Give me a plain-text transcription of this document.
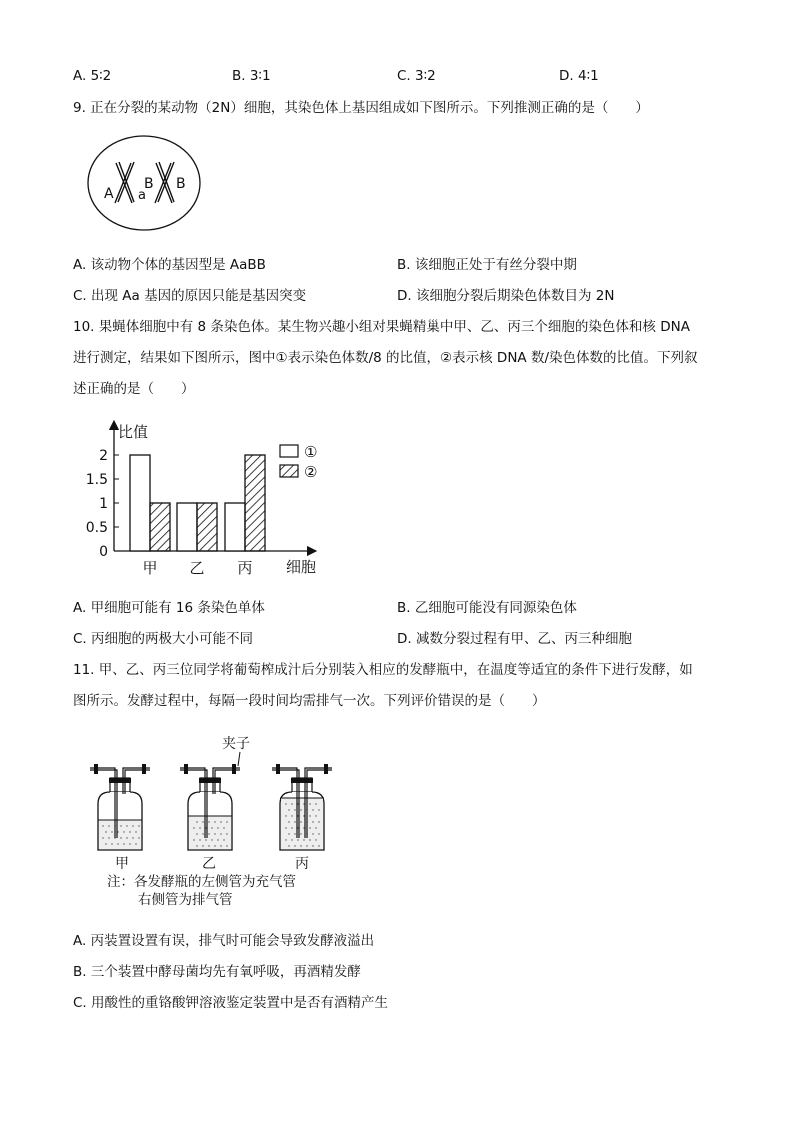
A. 5∶2	B. 3∶1	C. 3∶2	D. 4∶1
9. 正在分裂的某动物（2N）细胞，其染色体上基因组成如下图所示。下列推测正确的是（　　）
A a
B B
A. 该动物个体的基因型是 AaBB	B. 该细胞正处于有丝分裂中期
C. 出现 Aa 基因的原因只能是基因突变	D. 该细胞分裂后期染色体数目为 2N
10. 果蝇体细胞中有 8 条染色体。某生物兴趣小组对果蝇精巢中甲、乙、丙三个细胞的染色体和核 DNA
进行测定，结果如下图所示，图中①表示染色体数/8 的比值，②表示核 DNA 数/染色体数的比值。下列叙
述正确的是（　　）
0
0.5
1
1.5
2
甲 乙 丙
比值
细胞
①
②
A. 甲细胞可能有 16 条染色单体	B. 乙细胞可能没有同源染色体
C. 丙细胞的两极大小可能不同	D. 减数分裂过程有甲、乙、丙三种细胞
11. 甲、乙、丙三位同学将葡萄榨成汁后分别装入相应的发酵瓶中，在温度等适宜的条件下进行发酵，如
图所示。发酵过程中，每隔一段时间均需排气一次。下列评价错误的是（　　）
夹子
甲	乙	丙
注：各发酵瓶的左侧管为充气管
右侧管为排气管
A. 丙装置设置有误，排气时可能会导致发酵液溢出
B. 三个装置中酵母菌均先有氧呼吸，再酒精发酵
C. 用酸性的重铬酸钾溶液鉴定装置中是否有酒精产生
